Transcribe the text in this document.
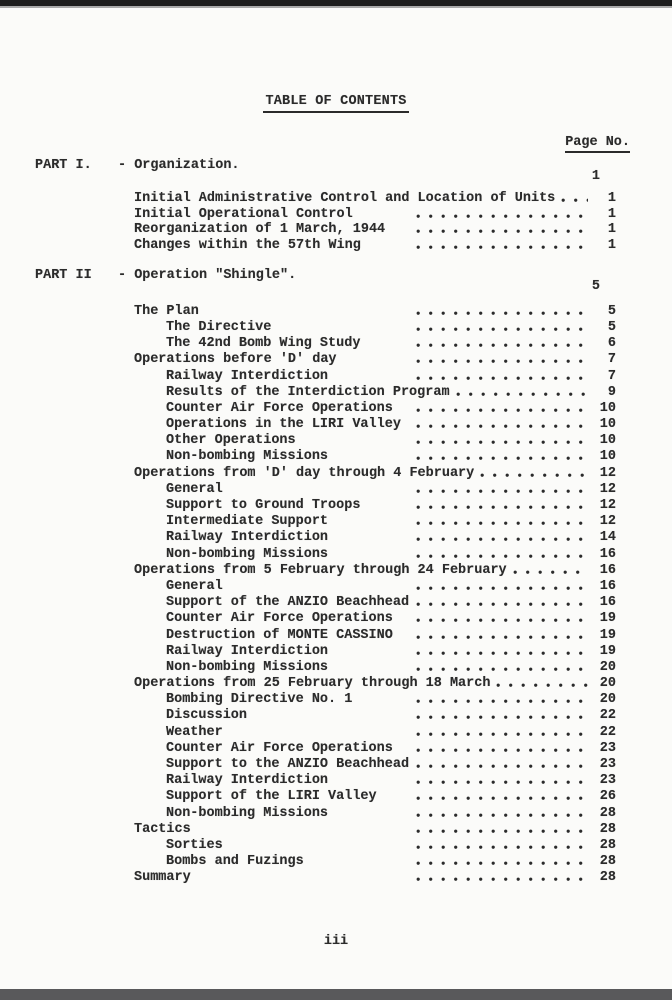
TABLE OF CONTENTS
Page No.
PART I.	- Organization.
1
Initial Administrative Control and Location of Units	1
Initial Operational Control	1
Reorganization of 1 March, 1944	1
Changes within the 57th Wing	1
PART II	- Operation "Shingle".
5
The Plan	5
The Directive	5
The 42nd Bomb Wing Study	6
Operations before 'D' day	7
Railway Interdiction	7
Results of the Interdiction Program	9
Counter Air Force Operations	10
Operations in the LIRI Valley	10
Other Operations	10
Non-bombing Missions	10
Operations from 'D' day through 4 February	12
General	12
Support to Ground Troops	12
Intermediate Support	12
Railway Interdiction	14
Non-bombing Missions	16
Operations from 5 February through 24 February	16
General	16
Support of the ANZIO Beachhead	16
Counter Air Force Operations	19
Destruction of MONTE CASSINO	19
Railway Interdiction	19
Non-bombing Missions	20
Operations from 25 February through 18 March	20
Bombing Directive No. 1	20
Discussion	22
Weather	22
Counter Air Force Operations	23
Support to the ANZIO Beachhead	23
Railway Interdiction	23
Support of the LIRI Valley	26
Non-bombing Missions	28
Tactics	28
Sorties	28
Bombs and Fuzings	28
Summary	28
iii
